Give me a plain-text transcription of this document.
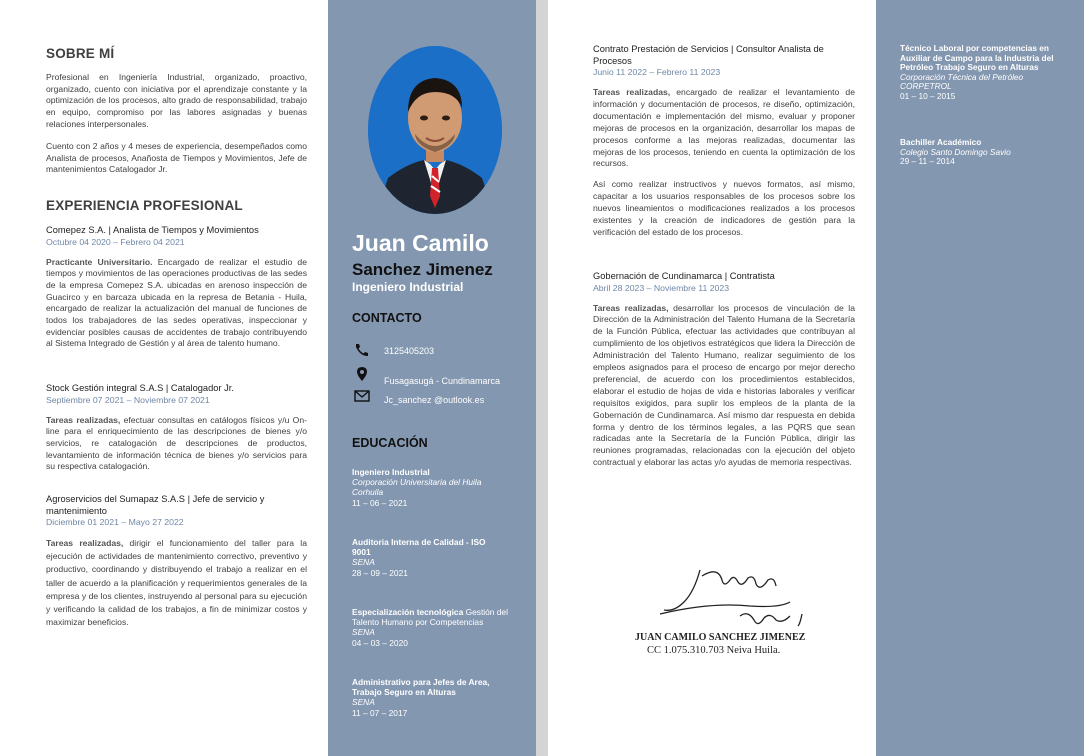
SOBRE MÍ

Profesional en Ingeniería Industrial, organizado, proactivo, organizado, cuento con iniciativa por el aprendizaje constante y la optimización de los procesos, alto grado de responsabilidad, trabajo en equipo, compromiso por las labores asignadas y buenas relaciones interpersonales.

Cuento con 2 años y 4 meses de experiencia, desempeñados como Analista de procesos, Anañosta de Tiempos y Movimientos, Jefe de mantenimientos Catalogador Jr.

EXPERIENCIA PROFESIONAL
Comepez S.A. | Analista de Tiempos y Movimientos
Octubre 04 2020 – Febrero 04 2021

Practicante Universitario. Encargado de realizar el estudio de tiempos y movimientos de las operaciones productivas de las sedes de la empresa Comepez S.A. ubicadas en arenoso inspección de Guacirco y en barcaza ubicada en la represa de Betania - Huila, encargado de realizar la actualización del manual de funciones de todos los trabajadores de las sedes operativas, inspeccionar y evidenciar posibles causas de accidentes de trabajo contribuyendo al Sistema Integrado de Gestión y al área de talento humano.

Stock Gestión integral S.A.S | Catalogador Jr.
Septiembre 07 2021 – Noviembre 07 2021

Tareas realizadas, efectuar consultas en catálogos físicos y/u On-line para el enriquecimiento de las descripciones de bienes y/o servicios, re catalogación de descripciones de productos, levantamiento de información técnica de bienes y/o servicios para su respectiva catalogación.

Agroservicios del Sumapaz S.A.S | Jefe de servicio y mantenimiento
Diciembre 01 2021 – Mayo 27 2022

Tareas realizadas, dirigir el funcionamiento del taller para la ejecución de actividades de mantenimiento correctivo, preventivo y productivo, coordinando y distribuyendo el trabajo a realizar en el taller de acuerdo a la planificación y requerimientos generales de la empresa y de los clientes, instruyendo al personal para su ejecución y verificando la calidad de los trabajos, a fin de minimizar costos y maximizar beneficios.

Juan Camilo
Sanchez Jimenez
Ingeniero Industrial
CONTACTO
3125405203
Fusagasugá - Cundinamarca
Jc_sanchez @outlook.es
EDUCACIÓN
Ingeniero Industrial
Corporación Universitaria del Huila Corhuila
11 – 06 – 2021
Auditoria Interna de Calidad - ISO 9001
SENA
28 – 09 – 2021
Especialización tecnológica Gestión del Talento Humano por Competencias
SENA
04 – 03 – 2020
Administrativo para Jefes de Area, Trabajo Seguro en Alturas
SENA
11 – 07 – 2017
Contrato Prestación de Servicios | Consultor Analista de Procesos
Junio 11 2022 – Febrero 11 2023

Tareas realizadas, encargado de realizar el levantamiento de información y documentación de procesos, re diseño, optimización, documentación e implementación del mismo, evaluar y proponer mejoras de procesos en la organización, desarrollar los mapas de procesos conforme a las mejoras realizadas, documentar las mejoras de los procesos, teniendo en cuenta la optimización de los recursos.

Así como realizar instructivos y nuevos formatos, así mismo, capacitar a los usuarios responsables de los procesos sobre los nuevos lineamientos o modificaciones realizados a los procesos existentes y la creación de indicadores de gestión para la verificación del estado de los procesos.

Gobernación de Cundinamarca | Contratista
Abril 28 2023 – Noviembre 11 2023

Tareas realizadas, desarrollar los procesos de vinculación de la Dirección de la Administración del Talento Humana de la Secretaría de la Función Pública, efectuar las actividades que contribuyan al cumplimiento de los objetivos estratégicos que lidera la Dirección de Administración del Talento Humano, realizar seguimiento de los empleos asignados para el proceso de encargo por mejor derecho preferencial, de acuerdo con los procedimientos establecidos, elaborar el estudio de hojas de vida e historias laborales y verificar requisitos exigidos, para suplir los empleos de la planta de la Gobernación de Cundinamarca. Así mismo dar respuesta en debida forma y dentro de los términos legales, a las PQRS que sean radicadas ante la Secretaría de la Función Pública, dirigir las reuniones programadas, relacionadas con la ejecución del objeto contractual y elaborar las actas y/o ayudas de memoria respectivas.

JUAN CAMILO SANCHEZ JIMENEZ
CC 1.075.310.703 Neiva Huila.
Técnico Laboral por competencias en Auxiliar de Campo para la Industria del Petróleo Trabajo Seguro en Alturas
Corporación Técnica del Petróleo CORPETROL
01 – 10 – 2015
Bachiller Académico
Colegio Santo Domingo Savio
29 – 11 – 2014
